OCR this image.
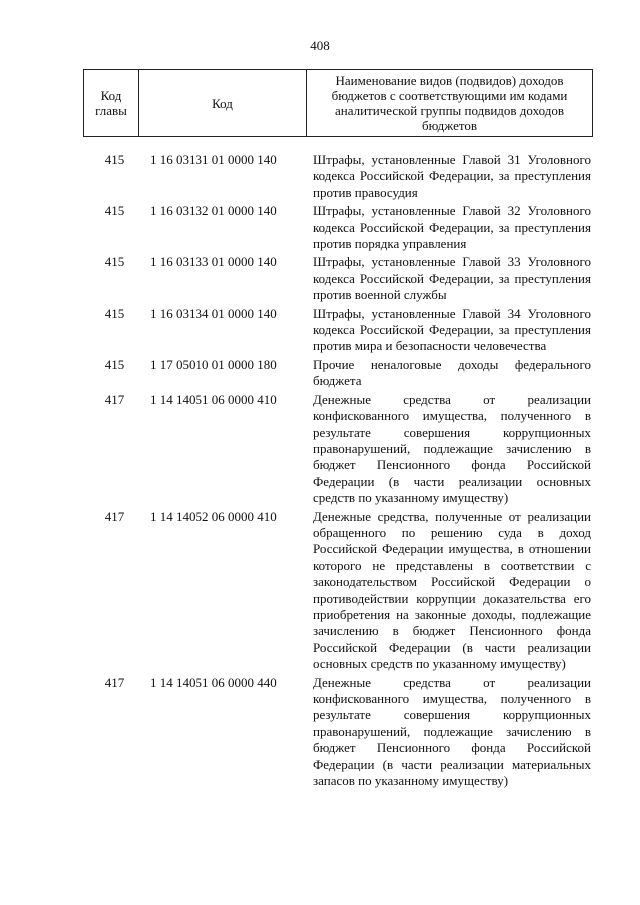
408
Код главы	Код	Наименование видов (подвидов) доходов бюджетов с соответствующими им кодами аналитической группы подвидов доходов бюджетов
415	1 16 03131 01 0000 140	Штрафы, установленные Главой 31 Уголовного кодекса Российской Федерации, за преступления против правосудия
415	1 16 03132 01 0000 140	Штрафы, установленные Главой 32 Уголовного кодекса Российской Федерации, за преступления против порядка управления
415	1 16 03133 01 0000 140	Штрафы, установленные Главой 33 Уголовного кодекса Российской Федерации, за преступления против военной службы
415	1 16 03134 01 0000 140	Штрафы, установленные Главой 34 Уголовного кодекса Российской Федерации, за преступления против мира и безопасности человечества
415	1 17 05010 01 0000 180	Прочие неналоговые доходы федерального бюджета
417	1 14 14051 06 0000 410	Денежные средства от реализации конфискованного имущества, полученного в результате совершения коррупционных правонарушений, подлежащие зачислению в бюджет Пенсионного фонда Российской Федерации (в части реализации основных средств по указанному имуществу)
417	1 14 14052 06 0000 410	Денежные средства, полученные от реализации обращенного по решению суда в доход Российской Федерации имущества, в отношении которого не представлены в соответствии с законодательством Российской Федерации о противодействии коррупции доказательства его приобретения на законные доходы, подлежащие зачислению в бюджет Пенсионного фонда Российской Федерации (в части реализации основных средств по указанному имуществу)
417	1 14 14051 06 0000 440	Денежные средства от реализации конфискованного имущества, полученного в результате совершения коррупционных правонарушений, подлежащие зачислению в бюджет Пенсионного фонда Российской Федерации (в части реализации материальных запасов по указанному имуществу)
